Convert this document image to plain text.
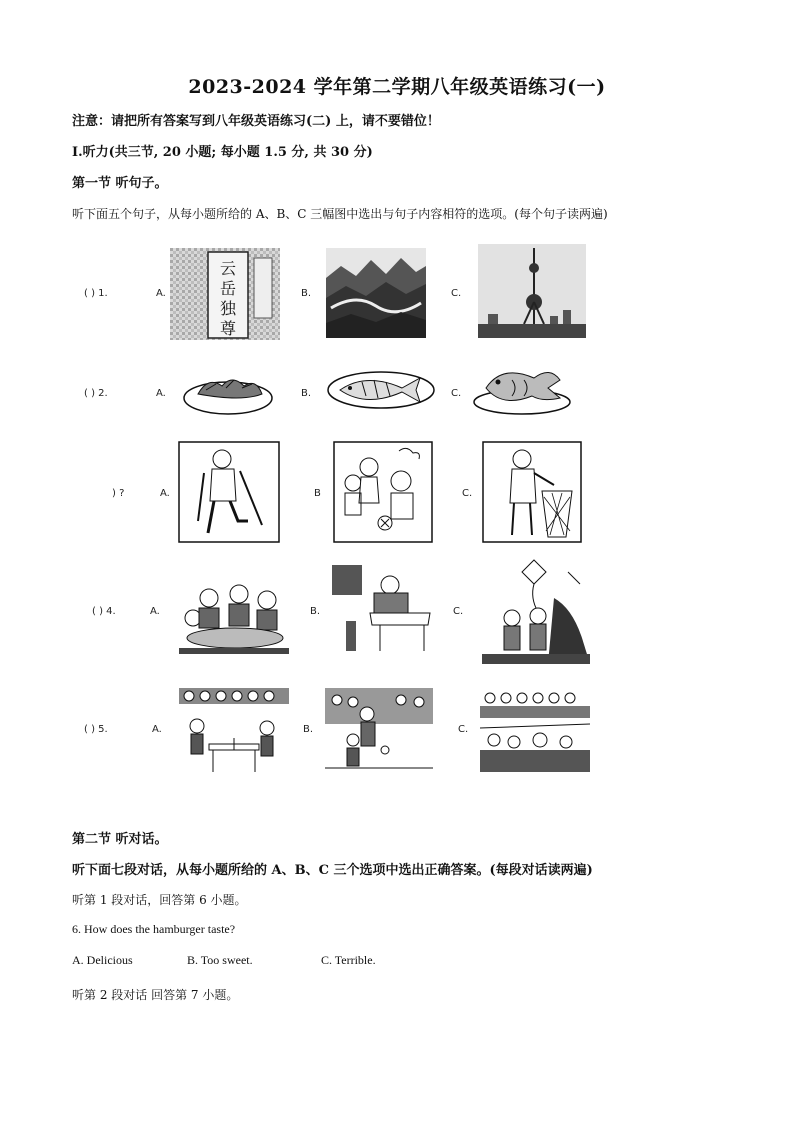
2023-2024 学年第二学期八年级英语练习(一)
注意：请把所有答案写到八年级英语练习(二) 上，请不要错位！
Ⅰ.听力(共三节, 20 小题; 每小题 1.5 分, 共 30 分)
第一节 听句子。
听下面五个句子，从每小题所给的 A、B、C 三幅图中选出与句子内容相符的选项。(每个句子读两遍)
( ) 1.	A.
云
岳
独
尊
B.	C.
( ) 2.	A.	B.	C.
) ?	A.	B	C.
( ) 4.	A.	B.	C.
( ) 5.	A.	B.	C.
第二节 听对话。
听下面七段对话，从每小题所给的 A、B、C 三个选项中选出正确答案。(每段对话读两遍)
听第 1 段对话，回答第 6 小题。
6. How does the hamburger taste?
A. Delicious	B. Too sweet.	C. Terrible.
听第 2 段对话 回答第 7 小题。
